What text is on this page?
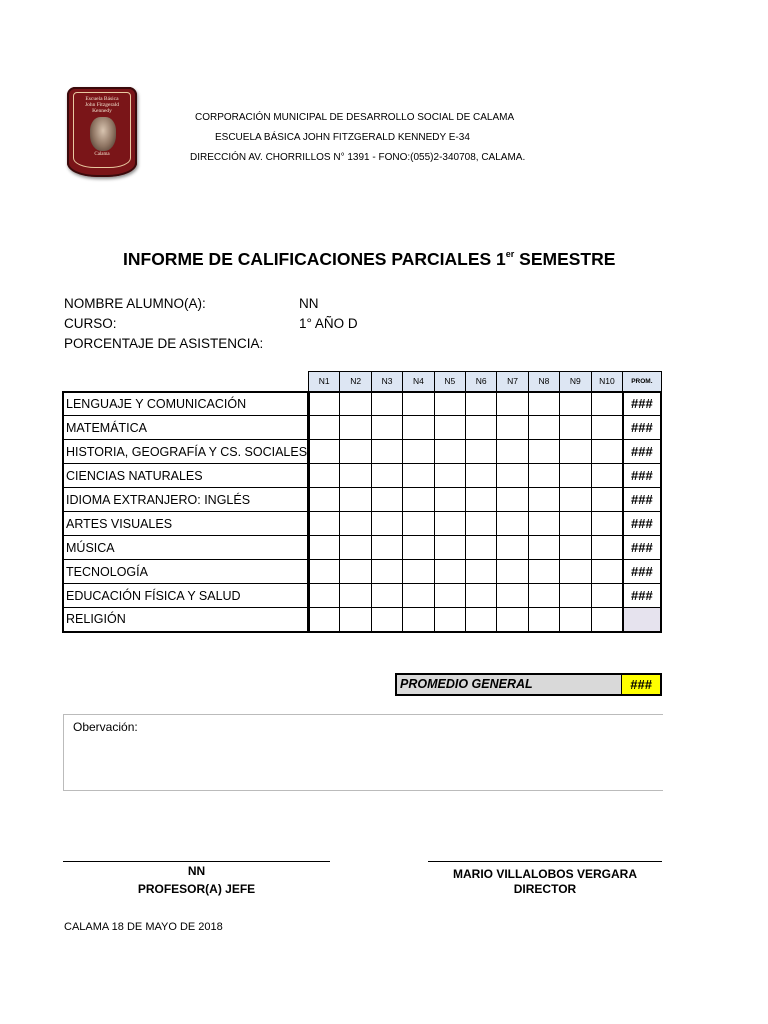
Escuela Básica
John Fitzgerald
Kennedy
Calama
CORPORACIÓN MUNICIPAL DE DESARROLLO SOCIAL DE CALAMA
ESCUELA BÁSICA JOHN FITZGERALD KENNEDY E-34
DIRECCIÓN AV. CHORRILLOS N° 1391 - FONO:(055)2-340708, CALAMA.
INFORME DE CALIFICACIONES PARCIALES 1er SEMESTRE
NOMBRE ALUMNO(A):	NN
CURSO:	1° AÑO D
PORCENTAJE DE ASISTENCIA:
	N1	N2	N3	N4	N5	N6	N7	N8	N9	N10	PROM.
LENGUAJE Y COMUNICACIÓN											###
MATEMÁTICA											###
HISTORIA, GEOGRAFÍA Y CS. SOCIALES											###
CIENCIAS NATURALES											###
IDIOMA EXTRANJERO: INGLÉS											###
ARTES VISUALES											###
MÚSICA											###
TECNOLOGÍA											###
EDUCACIÓN FÍSICA Y SALUD											###
RELIGIÓN											
PROMEDIO GENERAL	###
Obervación:
NN
PROFESOR(A) JEFE
MARIO VILLALOBOS VERGARA
DIRECTOR
CALAMA 18 DE MAYO DE 2018
